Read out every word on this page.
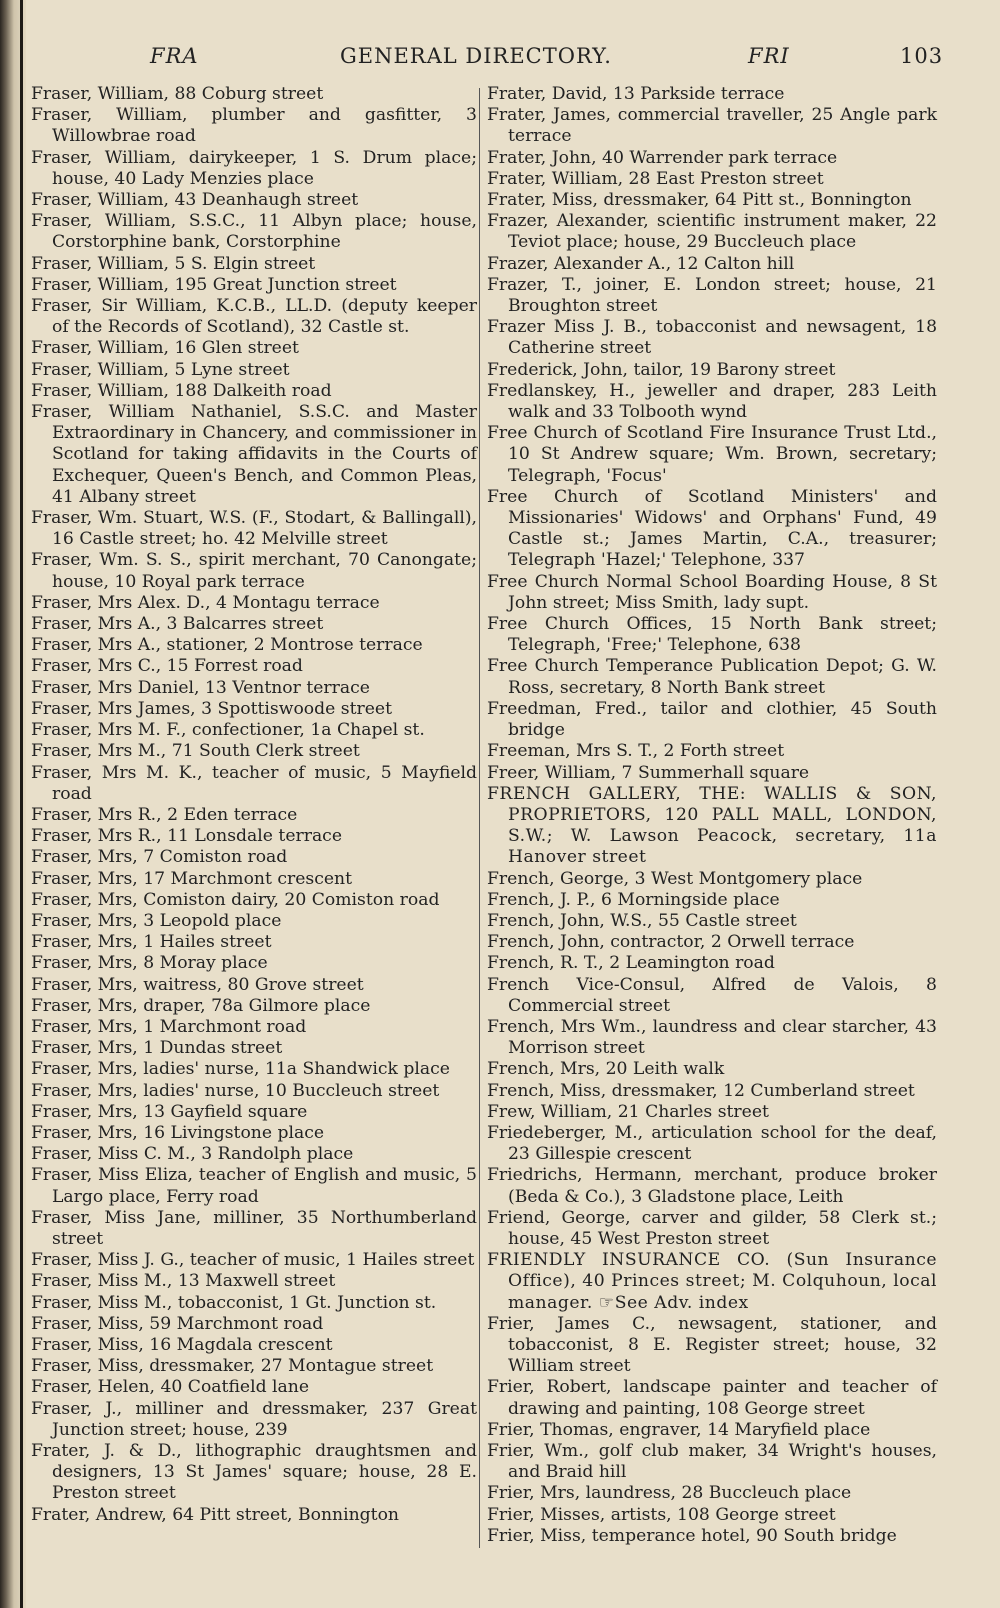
FRA	GENERAL DIRECTORY.	FRI	103
Fraser, William, 88 Coburg street
Fraser, William, plumber and gasfitter, 3 Willowbrae road
Fraser, William, dairykeeper, 1 S. Drum place; house, 40 Lady Menzies place
Fraser, William, 43 Deanhaugh street
Fraser, William, S.S.C., 11 Albyn place; house, Corstorphine bank, Corstorphine
Fraser, William, 5 S. Elgin street
Fraser, William, 195 Great Junction street
Fraser, Sir William, K.C.B., LL.D. (deputy keeper of the Records of Scotland), 32 Castle st.
Fraser, William, 16 Glen street
Fraser, William, 5 Lyne street
Fraser, William, 188 Dalkeith road
Fraser, William Nathaniel, S.S.C. and Master Extraordinary in Chancery, and commissioner in Scotland for taking affidavits in the Courts of Exchequer, Queen's Bench, and Common Pleas, 41 Albany street
Fraser, Wm. Stuart, W.S. (F., Stodart, & Ballingall), 16 Castle street; ho. 42 Melville street
Fraser, Wm. S. S., spirit merchant, 70 Canongate; house, 10 Royal park terrace
Fraser, Mrs Alex. D., 4 Montagu terrace
Fraser, Mrs A., 3 Balcarres street
Fraser, Mrs A., stationer, 2 Montrose terrace
Fraser, Mrs C., 15 Forrest road
Fraser, Mrs Daniel, 13 Ventnor terrace
Fraser, Mrs James, 3 Spottiswoode street
Fraser, Mrs M. F., confectioner, 1a Chapel st.
Fraser, Mrs M., 71 South Clerk street
Fraser, Mrs M. K., teacher of music, 5 Mayfield road
Fraser, Mrs R., 2 Eden terrace
Fraser, Mrs R., 11 Lonsdale terrace
Fraser, Mrs, 7 Comiston road
Fraser, Mrs, 17 Marchmont crescent
Fraser, Mrs, Comiston dairy, 20 Comiston road
Fraser, Mrs, 3 Leopold place
Fraser, Mrs, 1 Hailes street
Fraser, Mrs, 8 Moray place
Fraser, Mrs, waitress, 80 Grove street
Fraser, Mrs, draper, 78a Gilmore place
Fraser, Mrs, 1 Marchmont road
Fraser, Mrs, 1 Dundas street
Fraser, Mrs, ladies' nurse, 11a Shandwick place
Fraser, Mrs, ladies' nurse, 10 Buccleuch street
Fraser, Mrs, 13 Gayfield square
Fraser, Mrs, 16 Livingstone place
Fraser, Miss C. M., 3 Randolph place
Fraser, Miss Eliza, teacher of English and music, 5 Largo place, Ferry road
Fraser, Miss Jane, milliner, 35 Northumberland street
Fraser, Miss J. G., teacher of music, 1 Hailes street
Fraser, Miss M., 13 Maxwell street
Fraser, Miss M., tobacconist, 1 Gt. Junction st.
Fraser, Miss, 59 Marchmont road
Fraser, Miss, 16 Magdala crescent
Fraser, Miss, dressmaker, 27 Montague street
Fraser, Helen, 40 Coatfield lane
Fraser, J., milliner and dressmaker, 237 Great Junction street; house, 239
Frater, J. & D., lithographic draughtsmen and designers, 13 St James' square; house, 28 E. Preston street
Frater, Andrew, 64 Pitt street, Bonnington
Frater, David, 13 Parkside terrace
Frater, James, commercial traveller, 25 Angle park terrace
Frater, John, 40 Warrender park terrace
Frater, William, 28 East Preston street
Frater, Miss, dressmaker, 64 Pitt st., Bonnington
Frazer, Alexander, scientific instrument maker, 22 Teviot place; house, 29 Buccleuch place
Frazer, Alexander A., 12 Calton hill
Frazer, T., joiner, E. London street; house, 21 Broughton street
Frazer Miss J. B., tobacconist and newsagent, 18 Catherine street
Frederick, John, tailor, 19 Barony street
Fredlanskey, H., jeweller and draper, 283 Leith walk and 33 Tolbooth wynd
Free Church of Scotland Fire Insurance Trust Ltd., 10 St Andrew square; Wm. Brown, secretary; Telegraph, 'Focus'
Free Church of Scotland Ministers' and Missionaries' Widows' and Orphans' Fund, 49 Castle st.; James Martin, C.A., treasurer; Telegraph 'Hazel;' Telephone, 337
Free Church Normal School Boarding House, 8 St John street; Miss Smith, lady supt.
Free Church Offices, 15 North Bank street; Telegraph, 'Free;' Telephone, 638
Free Church Temperance Publication Depot; G. W. Ross, secretary, 8 North Bank street
Freedman, Fred., tailor and clothier, 45 South bridge
Freeman, Mrs S. T., 2 Forth street
Freer, William, 7 Summerhall square
FRENCH GALLERY, THE: WALLIS & SON, PROPRIETORS, 120 PALL MALL, LONDON, S.W.; W. Lawson Peacock, secretary, 11a Hanover street
French, George, 3 West Montgomery place
French, J. P., 6 Morningside place
French, John, W.S., 55 Castle street
French, John, contractor, 2 Orwell terrace
French, R. T., 2 Leamington road
French Vice-Consul, Alfred de Valois, 8 Commercial street
French, Mrs Wm., laundress and clear starcher, 43 Morrison street
French, Mrs, 20 Leith walk
French, Miss, dressmaker, 12 Cumberland street
Frew, William, 21 Charles street
Friedeberger, M., articulation school for the deaf, 23 Gillespie crescent
Friedrichs, Hermann, merchant, produce broker (Beda & Co.), 3 Gladstone place, Leith
Friend, George, carver and gilder, 58 Clerk st.; house, 45 West Preston street
FRIENDLY INSURANCE CO. (Sun Insurance Office), 40 Princes street; M. Colquhoun, local manager. ☞See Adv. index
Frier, James C., newsagent, stationer, and tobacconist, 8 E. Register street; house, 32 William street
Frier, Robert, landscape painter and teacher of drawing and painting, 108 George street
Frier, Thomas, engraver, 14 Maryfield place
Frier, Wm., golf club maker, 34 Wright's houses, and Braid hill
Frier, Mrs, laundress, 28 Buccleuch place
Frier, Misses, artists, 108 George street
Frier, Miss, temperance hotel, 90 South bridge
